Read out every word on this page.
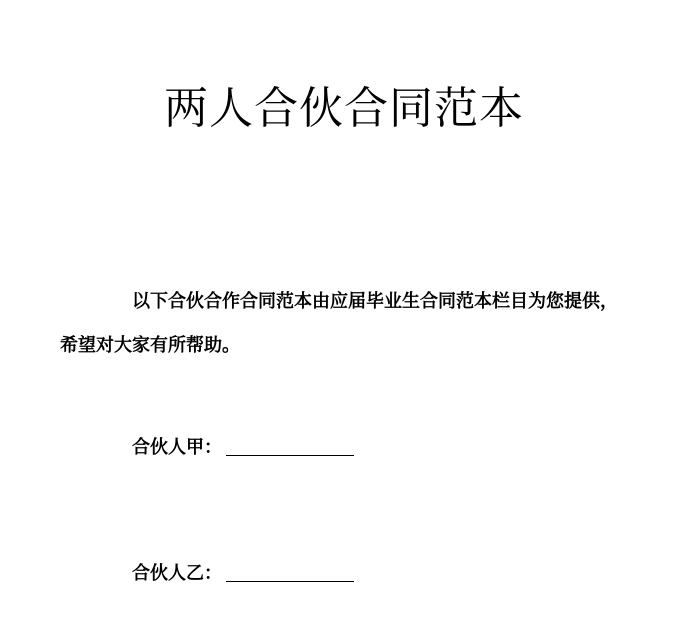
两人合伙合同范本

以下合伙合作合同范本由应届毕业生合同范本栏目为您提供，希望对大家有所帮助。

合伙人甲：
合伙人乙：
